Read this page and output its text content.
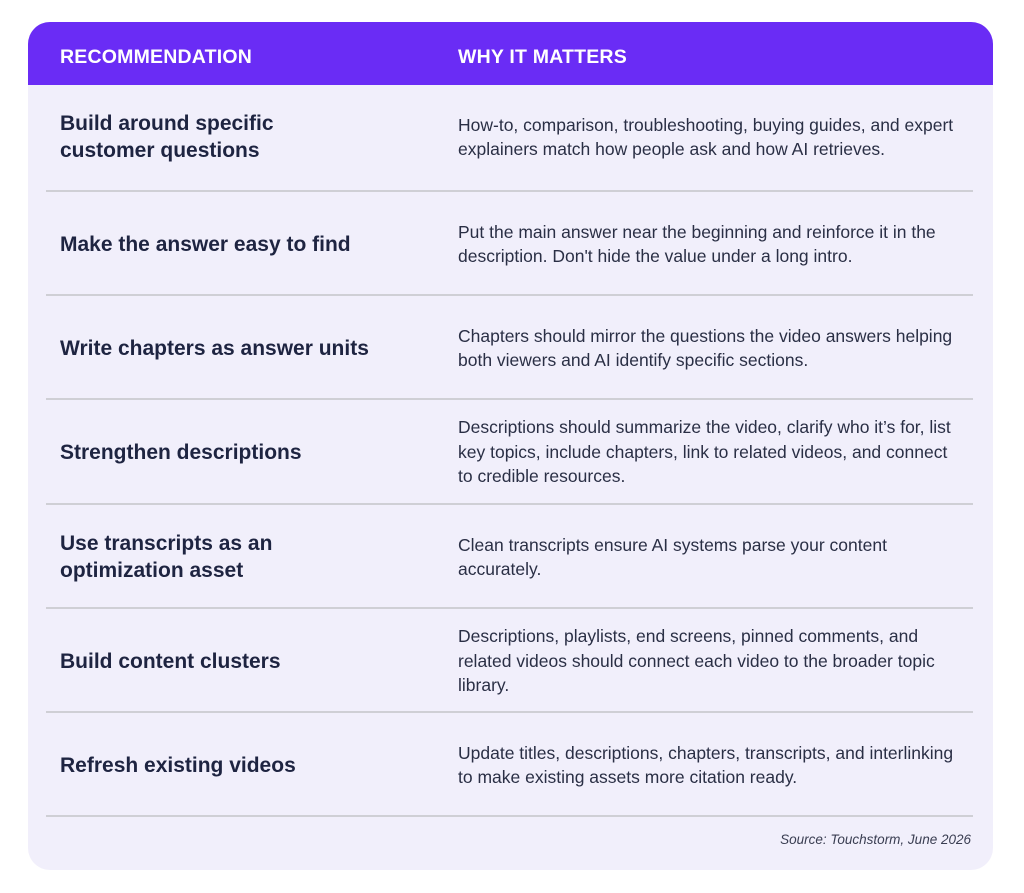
RECOMMENDATION	WHY IT MATTERS
Build around specific customer questions
How-to, comparison, troubleshooting, buying guides, and expert explainers match how people ask and how AI retrieves.
Make the answer easy to find
Put the main answer near the beginning and reinforce it in the description. Don't hide the value under a long intro.
Write chapters as answer units
Chapters should mirror the questions the video answers helping both viewers and AI identify specific sections.
Strengthen descriptions
Descriptions should summarize the video, clarify who it’s for, list key topics, include chapters, link to related videos, and connect to credible resources.
Use transcripts as an optimization asset
Clean transcripts ensure AI systems parse your content accurately.
Build content clusters
Descriptions, playlists, end screens, pinned comments, and related videos should connect each video to the broader topic library.
Refresh existing videos
Update titles, descriptions, chapters, transcripts, and interlinking to make existing assets more citation ready.
Source: Touchstorm, June 2026
